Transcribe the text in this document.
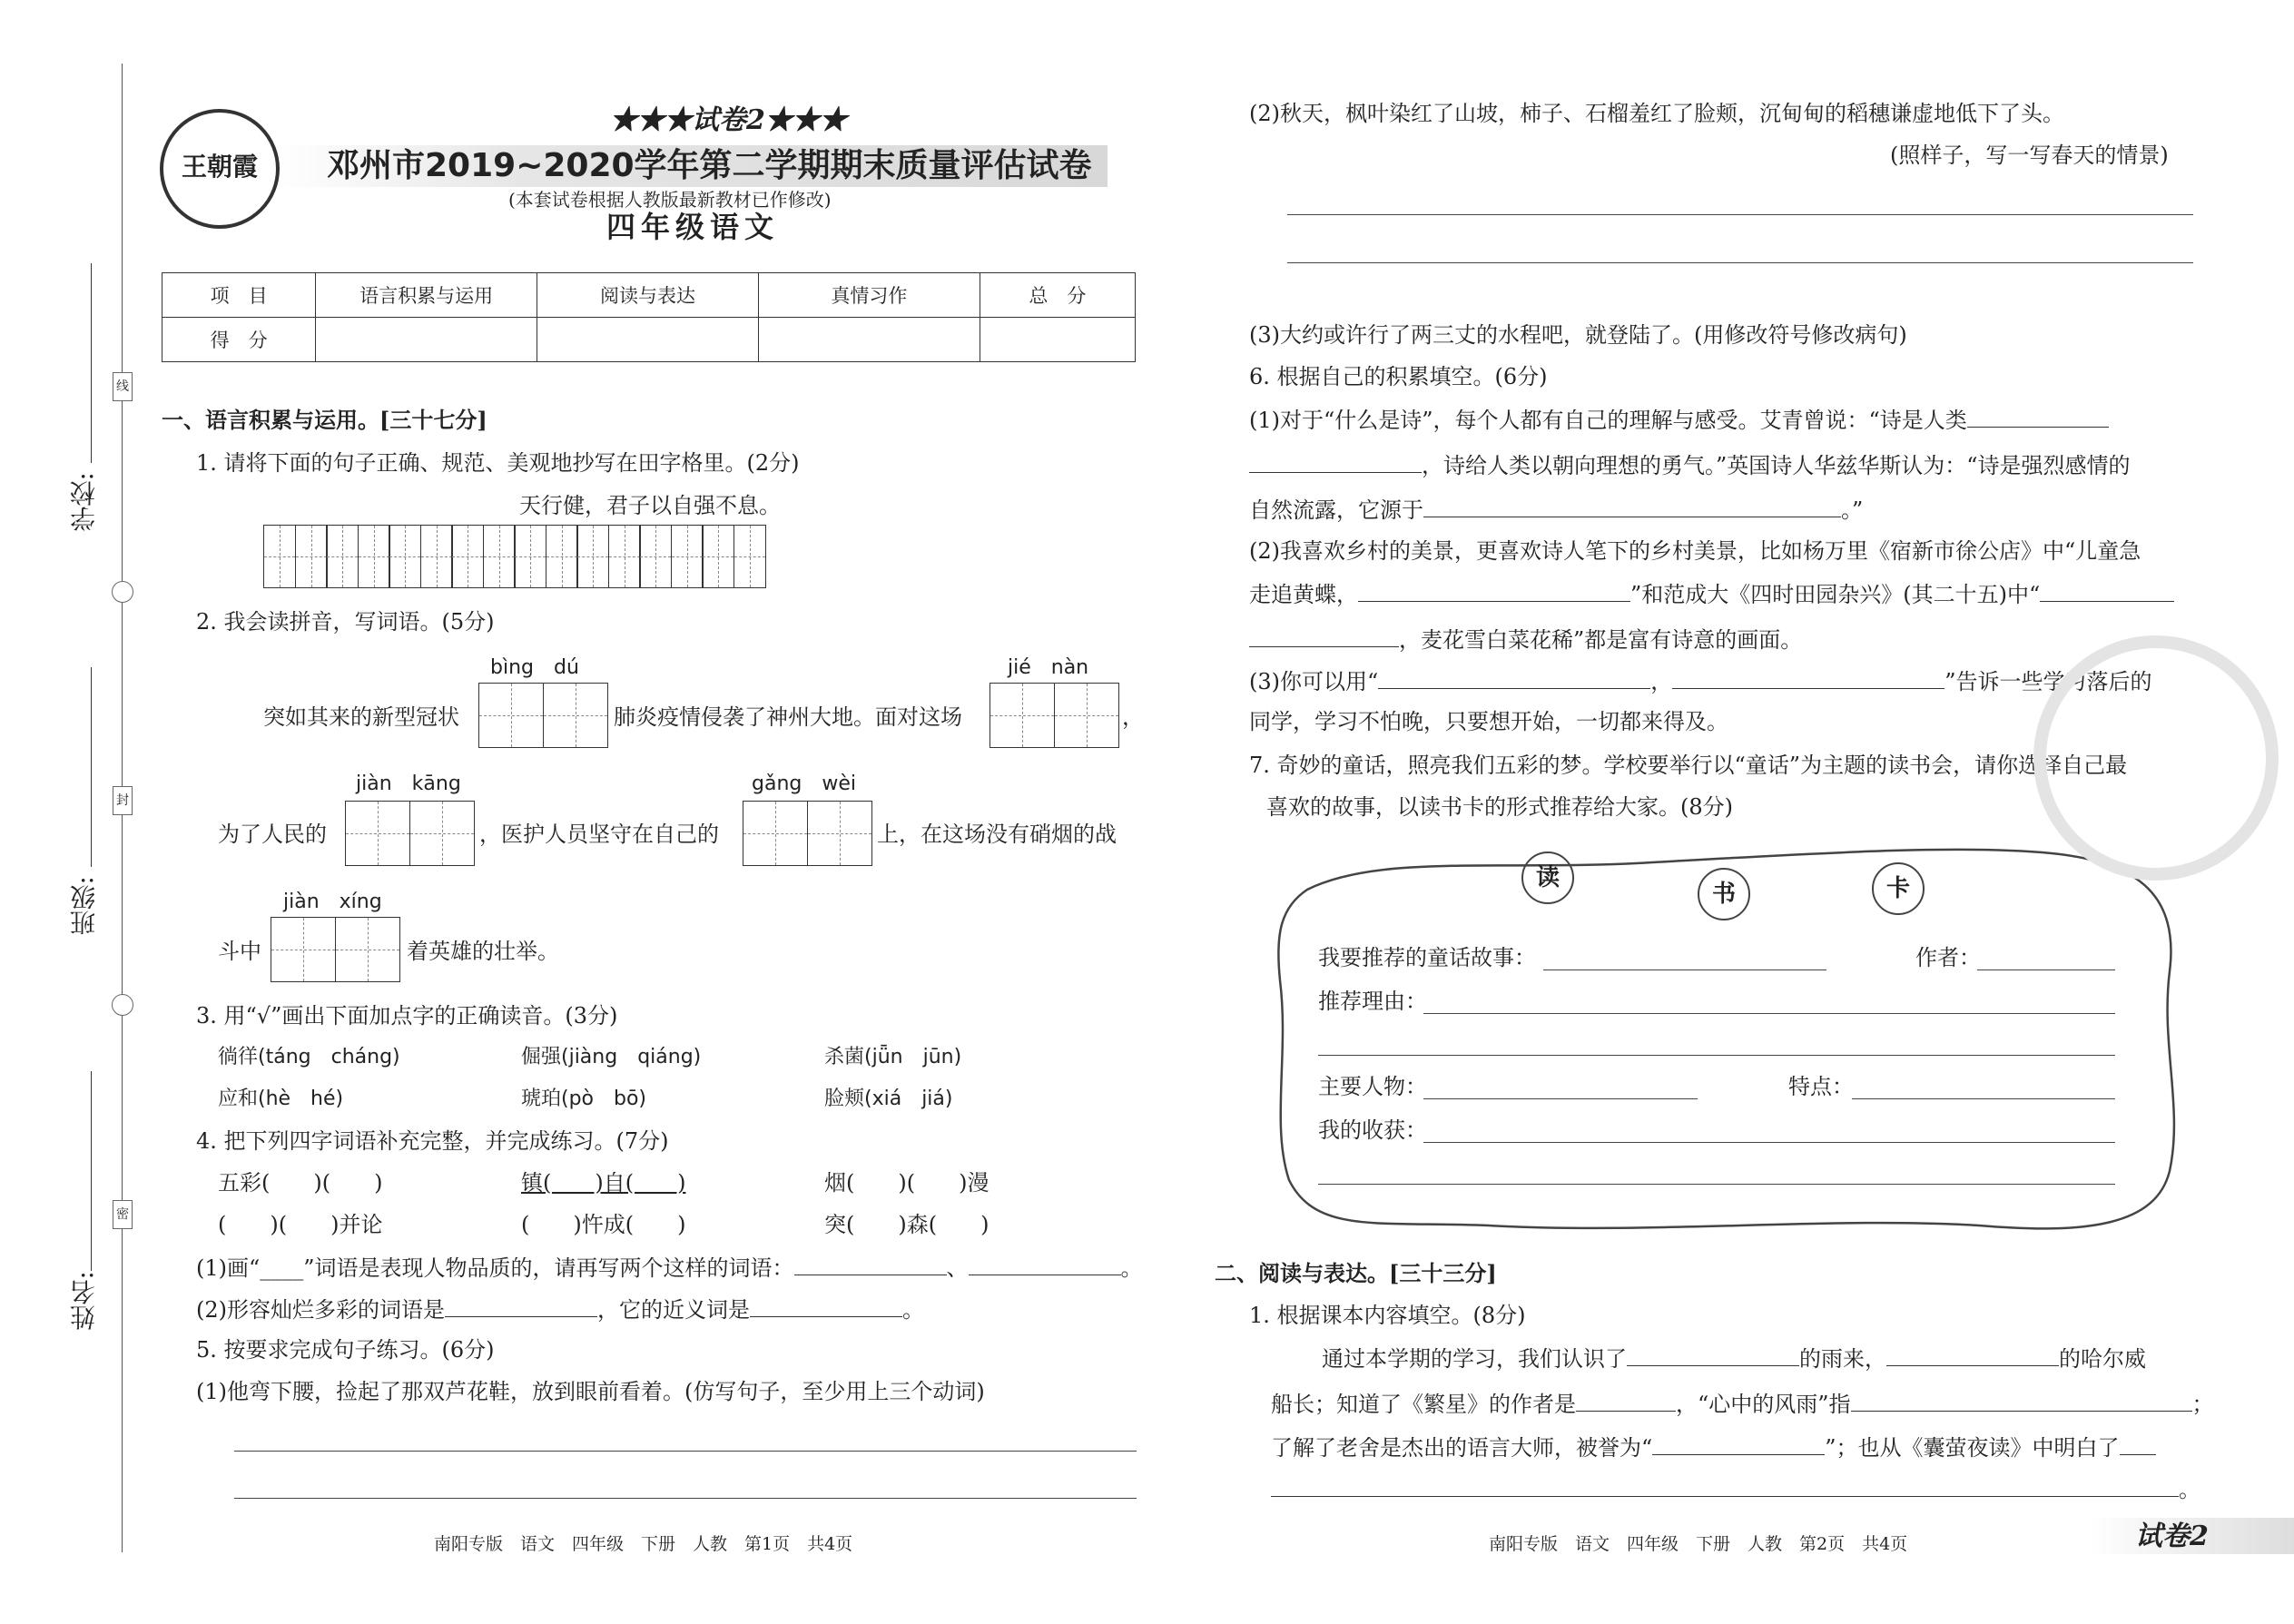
学校:
班级:
姓名:
线
封
密
王朝霞
★★★试卷2★★★
邓州市2019~2020学年第二学期期末质量评估试卷
(本套试卷根据人教版最新教材已作修改)
四年级语文
项　目	语言积累与运用	阅读与表达	真情习作	总　分
得　分				
一、语言积累与运用。[三十七分]
1. 请将下面的句子正确、规范、美观地抄写在田字格里。(2分)
天行健，君子以自强不息。
2. 我会读拼音，写词语。(5分)
bìng　dú	jié　nàn
突如其来的新型冠状	肺炎疫情侵袭了神州大地。面对这场	，
jiàn　kāng	gǎng　wèi
为了人民的	，医护人员坚守在自己的	上，在这场没有硝烟的战
jiàn　xíng
斗中	着英雄的壮举。
3. 用“√”画出下面加点字的正确读音。(3分)
徜徉(táng　cháng)	倔强(jiàng　qiáng)	杀菌(jǖn　jūn)
应和(hè　hé)	琥珀(pò　bō)	脸颊(xiá　jiá)
4. 把下列四字词语补充完整，并完成练习。(7分)
五彩(　　)(　　)	镇(　　)自(　　)	烟(　　)(　　)漫
(　　)(　　)并论	(　　)忤成(　　)	突(　　)森(　　)
(1)画“____”词语是表现人物品质的，请再写两个这样的词语：	、	。
(2)形容灿烂多彩的词语是	，它的近义词是	。
5. 按要求完成句子练习。(6分)
(1)他弯下腰，捡起了那双芦花鞋，放到眼前看着。(仿写句子，至少用上三个动词)
南阳专版　语文　四年级　下册　人教　第1页　共4页
(2)秋天，枫叶染红了山坡，柿子、石榴羞红了脸颊，沉甸甸的稻穗谦虚地低下了头。
(照样子，写一写春天的情景)
(3)大约或许行了两三丈的水程吧，就登陆了。(用修改符号修改病句)
6. 根据自己的积累填空。(6分)
(1)对于“什么是诗”，每个人都有自己的理解与感受。艾青曾说：“诗是人类
，诗给人类以朝向理想的勇气。”英国诗人华兹华斯认为：“诗是强烈感情的
自然流露，它源于	。”
(2)我喜欢乡村的美景，更喜欢诗人笔下的乡村美景，比如杨万里《宿新市徐公店》中“儿童急
走追黄蝶，	”和范成大《四时田园杂兴》(其二十五)中“
，麦花雪白菜花稀”都是富有诗意的画面。
(3)你可以用“	，	”告诉一些学习落后的
同学，学习不怕晚，只要想开始，一切都来得及。
7. 奇妙的童话，照亮我们五彩的梦。学校要举行以“童话”为主题的读书会，请你选择自己最
喜欢的故事，以读书卡的形式推荐给大家。(8分)
读
书	卡
我要推荐的童话故事：	作者：
推荐理由：
主要人物：	特点：
我的收获：
二、阅读与表达。[三十三分]
1. 根据课本内容填空。(8分)
通过本学期的学习，我们认识了	的雨来，	的哈尔威
船长；知道了《繁星》的作者是	，“心中的风雨”指	；
了解了老舍是杰出的语言大师，被誉为“	”；也从《囊萤夜读》中明白了
。
南阳专版　语文　四年级　下册　人教　第2页　共4页	试卷2
